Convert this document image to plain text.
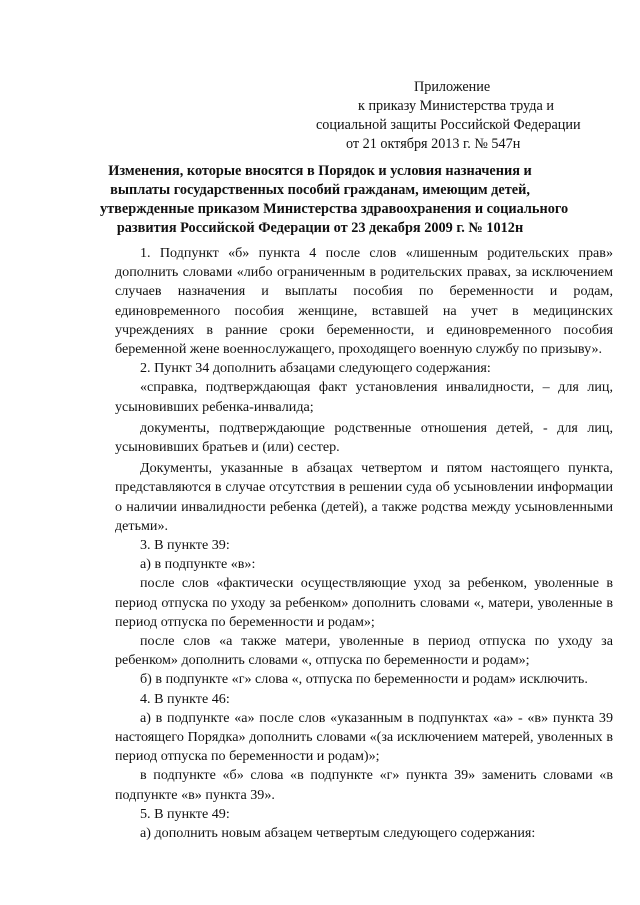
Приложение
к приказу Министерства труда и
социальной защиты Российской Федерации
от 21 октября 2013 г. № 547н
Изменения, которые вносятся в Порядок и условия назначения и
выплаты государственных пособий гражданам, имеющим детей,
утвержденные приказом Министерства здравоохранения и социального
развития Российской Федерации от 23 декабря 2009 г. № 1012н

1. Подпункт «б» пункта 4 после слов «лишенным родительских прав» дополнить словами «либо ограниченным в родительских правах, за исключением случаев назначения и выплаты пособия по беременности и родам, единовременного пособия женщине, вставшей на учет в медицинских учреждениях в ранние сроки беременности, и единовременного пособия беременной жене военнослужащего, проходящего военную службу по призыву».

2. Пункт 34 дополнить абзацами следующего содержания:

«справка, подтверждающая факт установления инвалидности, – для лиц, усыновивших ребенка-инвалида;

документы, подтверждающие родственные отношения детей, - для лиц, усыновивших братьев и (или) сестер.

Документы, указанные в абзацах четвертом и пятом настоящего пункта, представляются в случае отсутствия в решении суда об усыновлении информации о наличии инвалидности ребенка (детей), а также родства между усыновленными детьми».

3. В пункте 39:

а) в подпункте «в»:

после слов «фактически осуществляющие уход за ребенком, уволенные в период отпуска по уходу за ребенком» дополнить словами «, матери, уволенные в период отпуска по беременности и родам»;

после слов «а также матери, уволенные в период отпуска по уходу за ребенком» дополнить словами «, отпуска по беременности и родам»;

б) в подпункте «г» слова «, отпуска по беременности и родам» исключить.

4. В пункте 46:

а) в подпункте «а» после слов «указанным в подпунктах «а» - «в» пункта 39 настоящего Порядка» дополнить словами «(за исключением матерей, уволенных в период отпуска по беременности и родам)»;

в подпункте «б» слова «в подпункте «г» пункта 39» заменить словами «в подпункте «в» пункта 39».

5. В пункте 49:

а) дополнить новым абзацем четвертым следующего содержания:
